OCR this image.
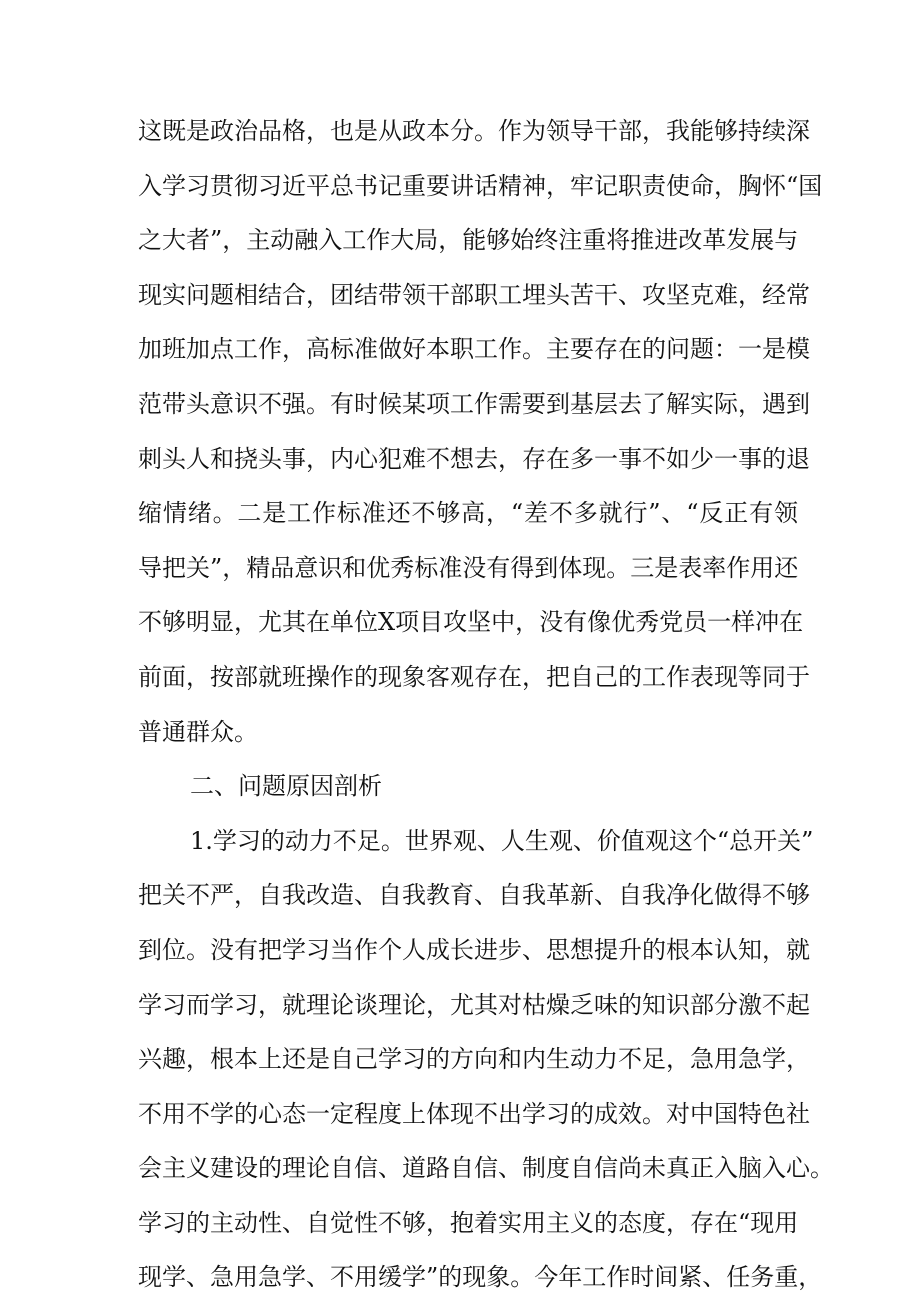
这既是政治品格，也是从政本分。作为领导干部，我能够持续深
入学习贯彻习近平总书记重要讲话精神，牢记职责使命，胸怀“国
之大者”，主动融入工作大局，能够始终注重将推进改革发展与
现实问题相结合，团结带领干部职工埋头苦干、攻坚克难，经常
加班加点工作，高标准做好本职工作。主要存在的问题：一是模
范带头意识不强。有时候某项工作需要到基层去了解实际，遇到
刺头人和挠头事，内心犯难不想去，存在多一事不如少一事的退
缩情绪。二是工作标准还不够高，“差不多就行”、“反正有领
导把关”，精品意识和优秀标准没有得到体现。三是表率作用还
不够明显，尤其在单位X项目攻坚中，没有像优秀党员一样冲在
前面，按部就班操作的现象客观存在，把自己的工作表现等同于
普通群众。
二、问题原因剖析
1.学习的动力不足。世界观、人生观、价值观这个“总开关”
把关不严，自我改造、自我教育、自我革新、自我净化做得不够
到位。没有把学习当作个人成长进步、思想提升的根本认知，就
学习而学习，就理论谈理论，尤其对枯燥乏味的知识部分激不起
兴趣，根本上还是自己学习的方向和内生动力不足，急用急学，
不用不学的心态一定程度上体现不出学习的成效。对中国特色社
会主义建设的理论自信、道路自信、制度自信尚未真正入脑入心。
学习的主动性、自觉性不够，抱着实用主义的态度，存在“现用
现学、急用急学、不用缓学”的现象。今年工作时间紧、任务重，
